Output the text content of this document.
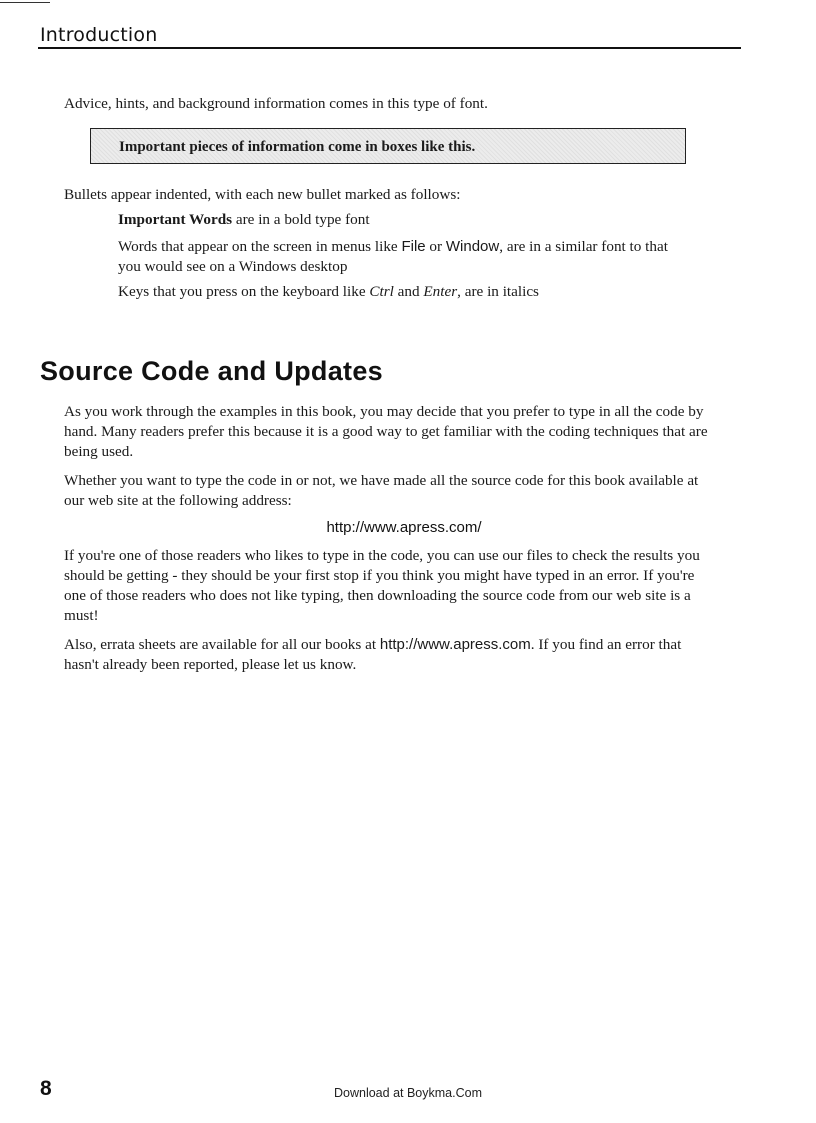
Introduction

Advice, hints, and background information comes in this type of font.

Important pieces of information come in boxes like this.

Bullets appear indented, with each new bullet marked as follows:

Important Words are in a bold type font

Words that appear on the screen in menus like File or Window, are in a similar font to that
you would see on a Windows desktop

Keys that you press on the keyboard like Ctrl and Enter, are in italics

Source Code and Updates

As you work through the examples in this book, you may decide that you prefer to type in all the code by
hand. Many readers prefer this because it is a good way to get familiar with the coding techniques that are
being used.

Whether you want to type the code in or not, we have made all the source code for this book available at
our web site at the following address:

http://www.apress.com/

If you're one of those readers who likes to type in the code, you can use our files to check the results you
should be getting - they should be your first stop if you think you might have typed in an error. If you're
one of those readers who does not like typing, then downloading the source code from our web site is a
must!

Also, errata sheets are available for all our books at http://www.apress.com. If you find an error that
hasn't already been reported, please let us know.

8	Download at Boykma.Com
